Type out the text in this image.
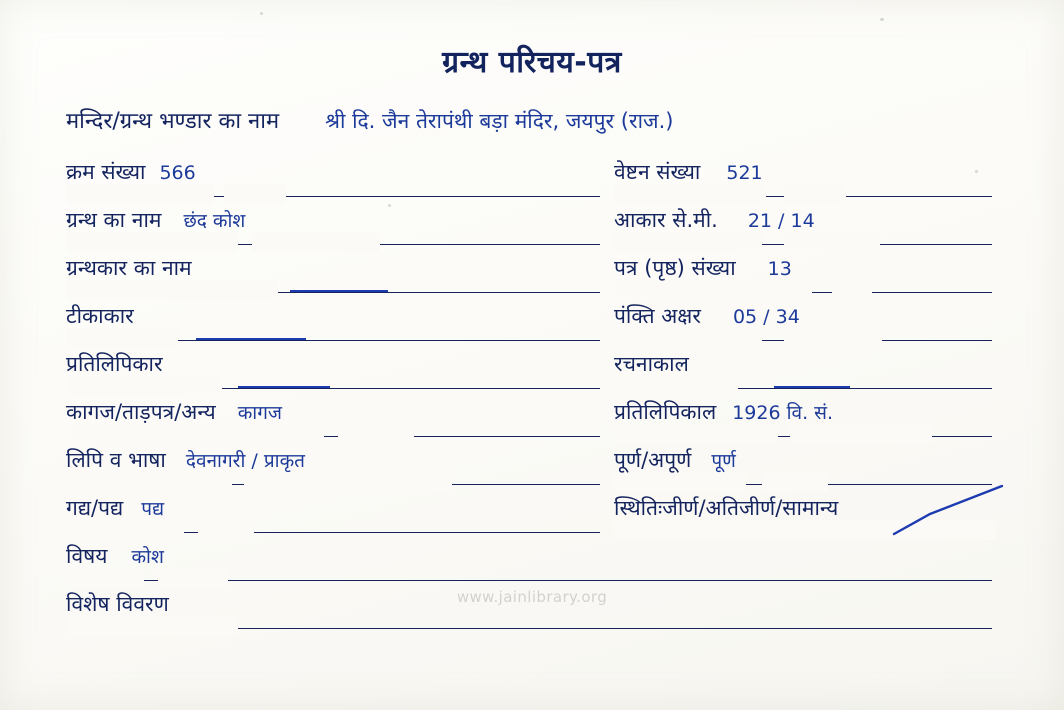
ग्रन्थ परिचय-पत्र
मन्दिर/ग्रन्थ भण्डार का नाम श्री दि. जैन तेरापंथी बड़ा मंदिर, जयपुर (राज.)
क्रम संख्या 566	वेष्टन संख्या 521
ग्रन्थ का नाम छंद कोश	आकार से.मी. 21 / 14
ग्रन्थकार का नाम	पत्र (पृष्ठ) संख्या 13
टीकाकार	पंक्ति अक्षर 05 / 34
प्रतिलिपिकार	रचनाकाल
कागज/ताड़पत्र/अन्य कागज	प्रतिलिपिकाल 1926 वि. सं.
लिपि व भाषा देवनागरी / प्राकृत	पूर्ण/अपूर्ण पूर्ण
गद्य/पद्य पद्य	स्थितिःजीर्ण/अतिजीर्ण/सामान्य
विषय कोश
विशेष विवरण	www.jainlibrary.org
